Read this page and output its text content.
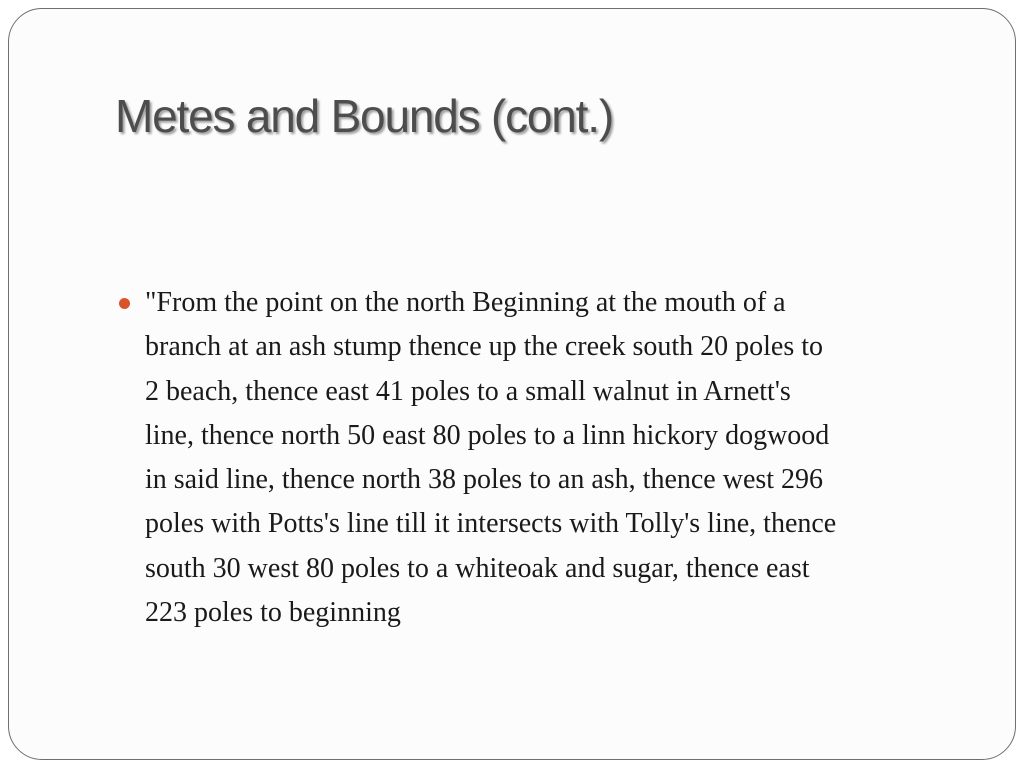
Metes and Bounds (cont.)
"From the point on the north Beginning at the mouth of a
branch at an ash stump thence up the creek south 20 poles to
2 beach, thence east 41 poles to a small walnut in Arnett's
line, thence north 50 east 80 poles to a linn hickory dogwood
in said line, thence north 38 poles to an ash, thence west 296
poles with Potts's line till it intersects with Tolly's line, thence
south 30 west 80 poles to a whiteoak and sugar, thence east
223 poles to beginning
